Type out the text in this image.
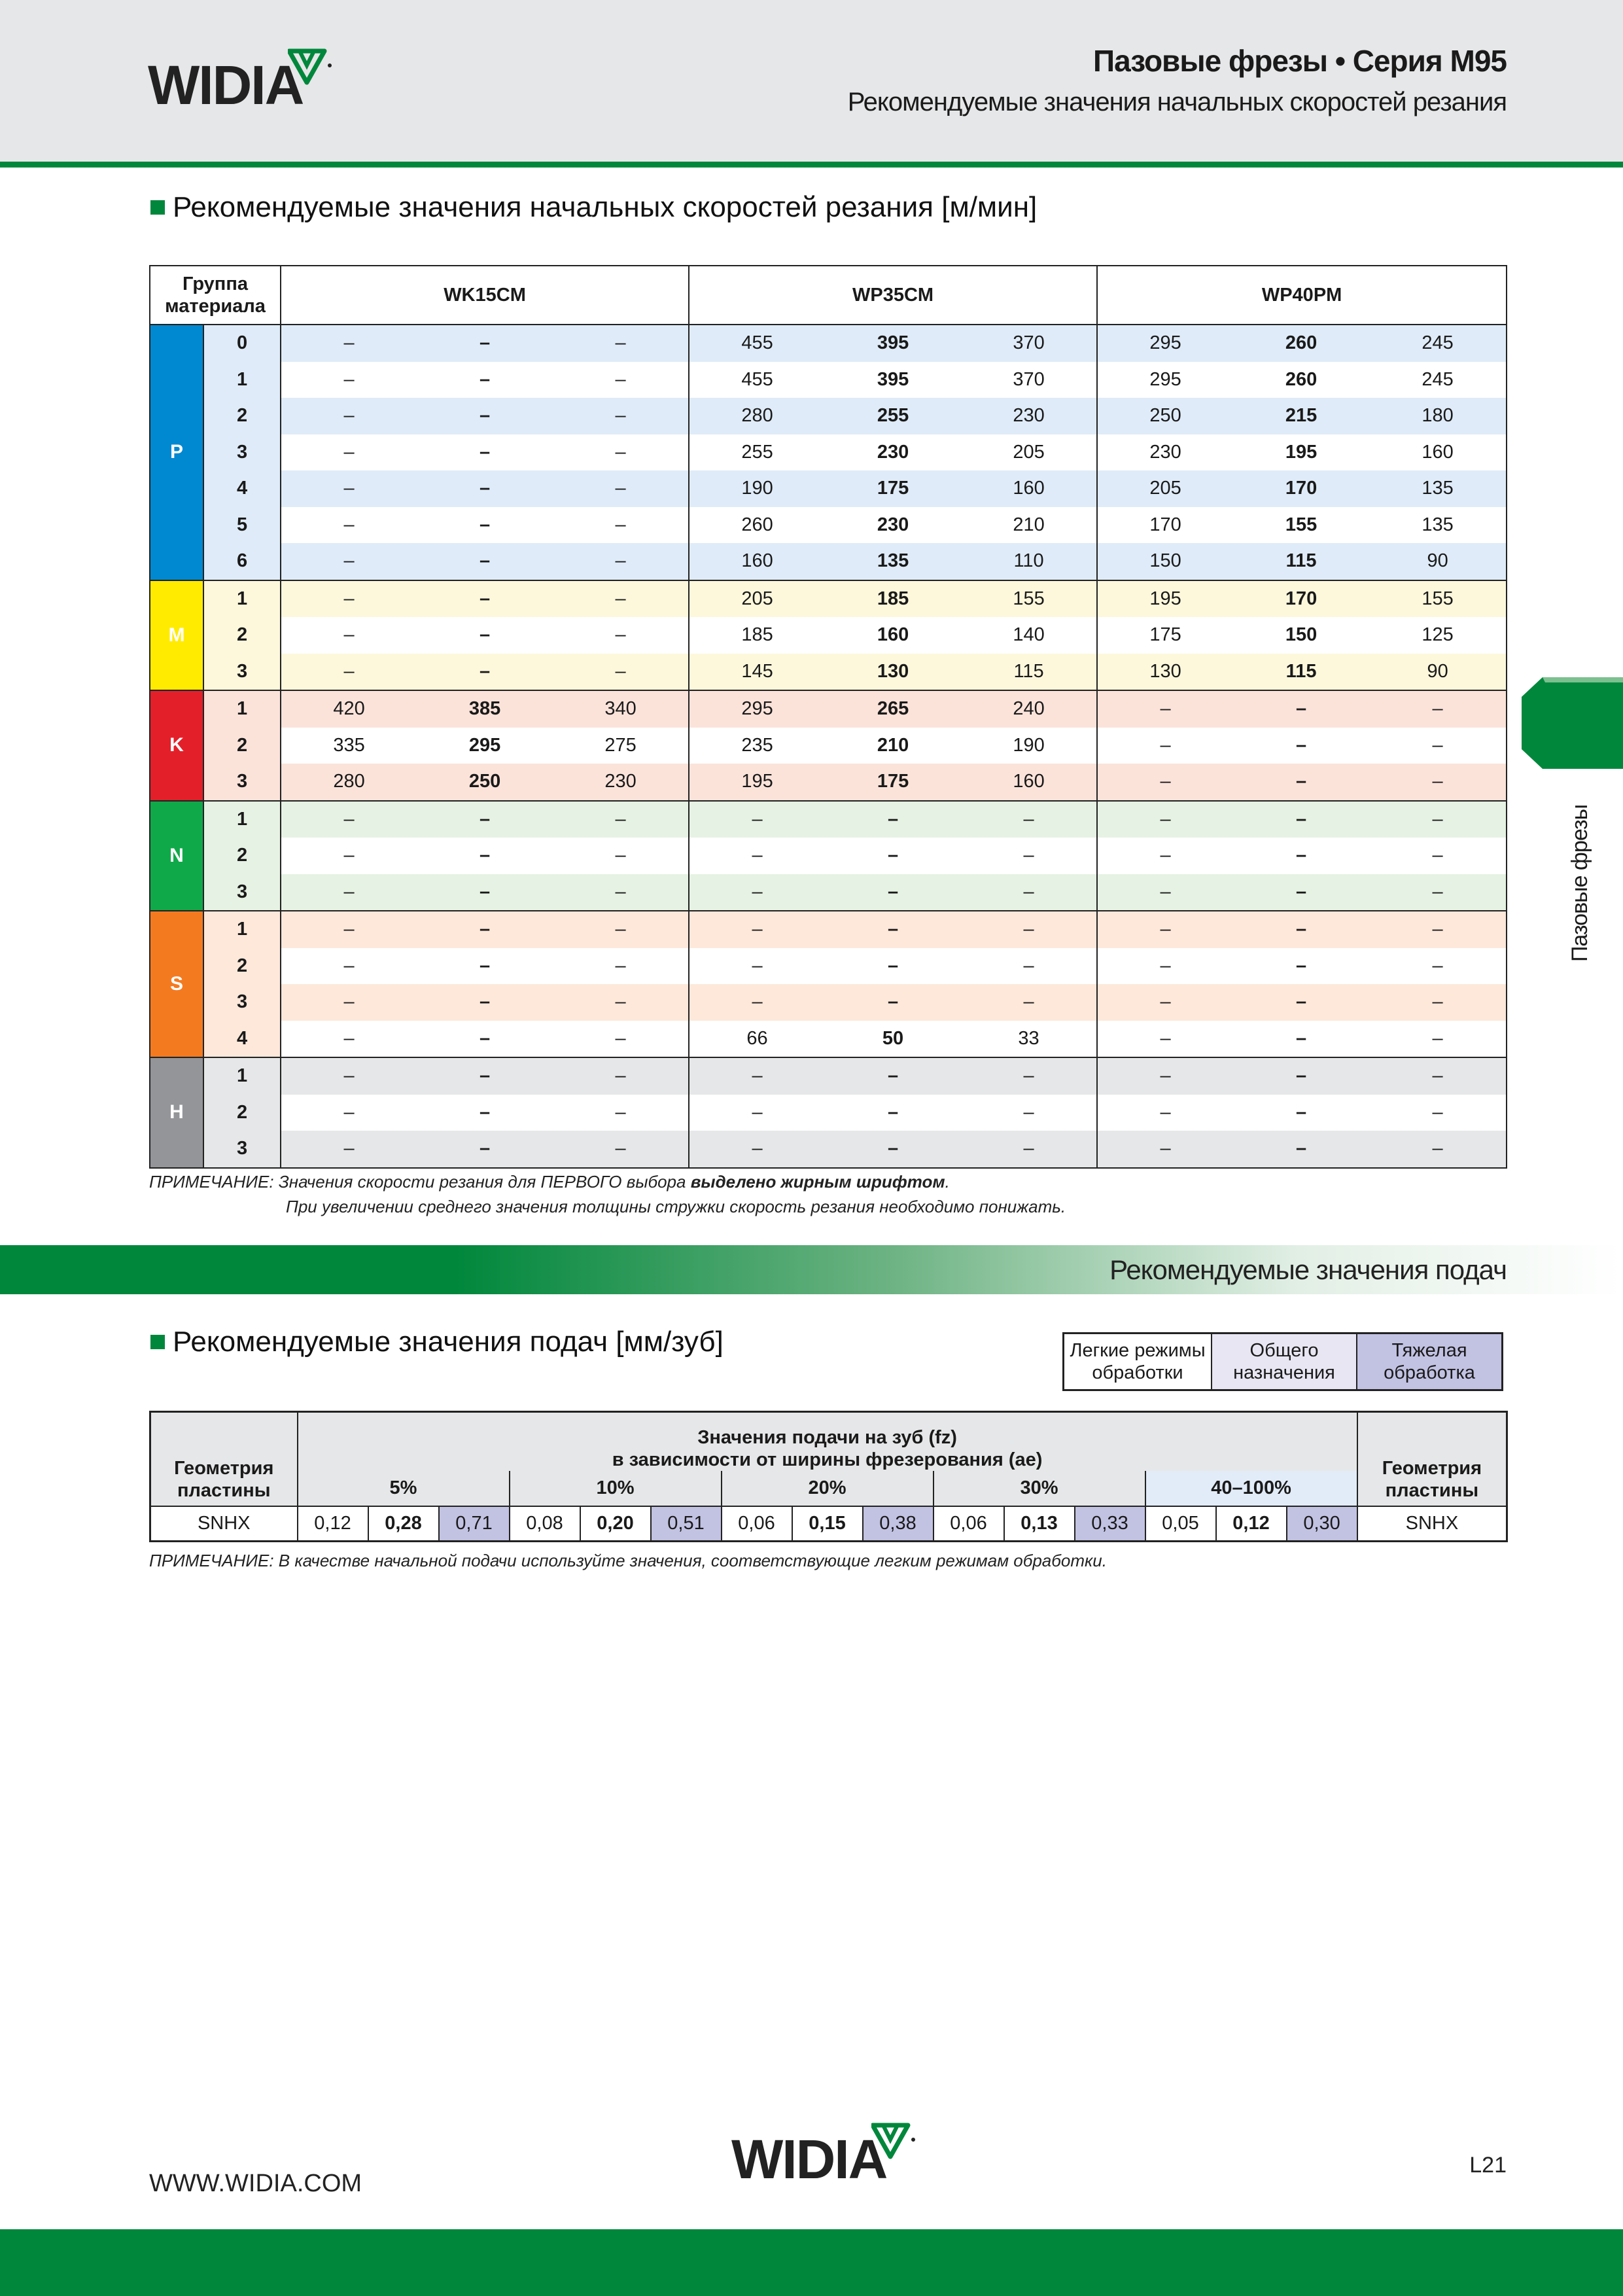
WIDIA	Пазовые фрезы • Серия M95
Рекомендуемые значения начальных скоростей резания
Рекомендуемые значения начальных скоростей резания [м/мин]
Группа материала		WK15CM			WP35CM			WP40PM		
P	0	–	–	–	455	395	370	295	260	245
	1	–	–	–	455	395	370	295	260	245
	2	–	–	–	280	255	230	250	215	180
	3	–	–	–	255	230	205	230	195	160
	4	–	–	–	190	175	160	205	170	135
	5	–	–	–	260	230	210	170	155	135
	6	–	–	–	160	135	110	150	115	90
M	1	–	–	–	205	185	155	195	170	155
	2	–	–	–	185	160	140	175	150	125
	3	–	–	–	145	130	115	130	115	90
K	1	420	385	340	295	265	240	–	–	–
	2	335	295	275	235	210	190	–	–	–
	3	280	250	230	195	175	160	–	–	–
N	1	–	–	–	–	–	–	–	–	–
	2	–	–	–	–	–	–	–	–	–
	3	–	–	–	–	–	–	–	–	–
S	1	–	–	–	–	–	–	–	–	–
	2	–	–	–	–	–	–	–	–	–
	3	–	–	–	–	–	–	–	–	–
	4	–	–	–	66	50	33	–	–	–
H	1	–	–	–	–	–	–	–	–	–
	2	–	–	–	–	–	–	–	–	–
	3	–	–	–	–	–	–	–	–	–
ПРИМЕЧАНИЕ: Значения скорости резания для ПЕРВОГО выбора выделено жирным шрифтом.
При увеличении среднего значения толщины стружки скорость резания необходимо понижать.
Пазовые фрезы
Рекомендуемые значения подач
Рекомендуемые значения подач [мм/зуб]	Легкие режимы обработки	Общего назначения	Тяжелая обработка
Геометрия пластины	Значения подачи на зуб (fz)
в зависимости от ширины фрезерования (ae)															Геометрия пластины
	5%			10%			20%			30%			40–100%			
SNHX	0,12	0,28	0,71	0,08	0,20	0,51	0,06	0,15	0,38	0,06	0,13	0,33	0,05	0,12	0,30	SNHX
ПРИМЕЧАНИЕ: В качестве начальной подачи используйте значения, соответствующие легким режимам обработки.
WWW.WIDIA.COM	WIDIA	L21
